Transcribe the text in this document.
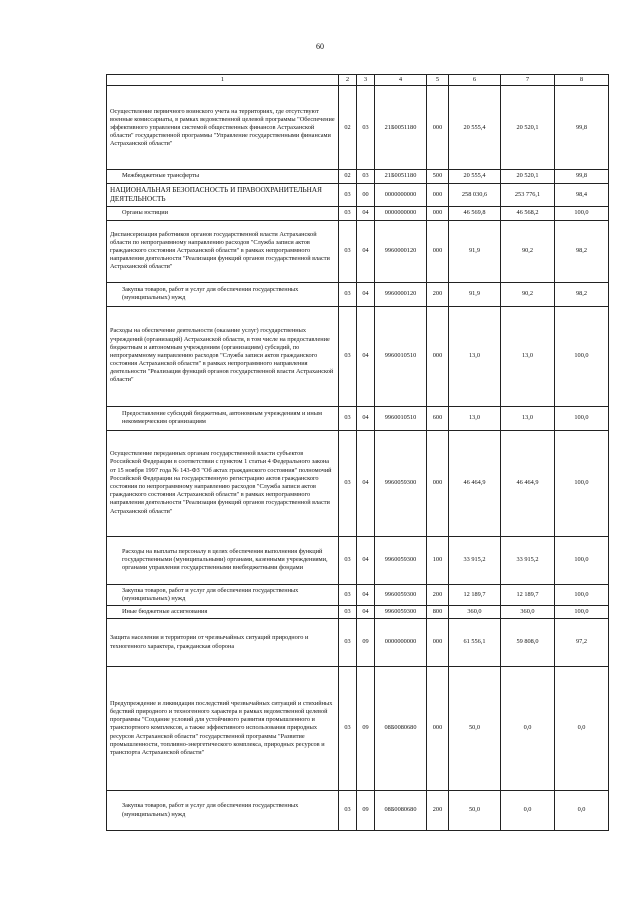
60
1	2	3	4	5	6	7	8

Осуществление первичного воинского учета на территориях, где отсутствуют военные комиссариаты, в рамках ведомственной целевой программы "Обеспечение эффективного управления системой общественных финансов Астраханской области" государственной программы "Управление государственными финансами Астраханской области"	02	03	21Б0051180	000	20 555,4	20 520,1	99,8

Межбюджетные трансферты	02	03	21Б0051180	500	20 555,4	20 520,1	99,8

НАЦИОНАЛЬНАЯ БЕЗОПАСНОСТЬ И ПРАВООХРАНИТЕЛЬНАЯ ДЕЯТЕЛЬНОСТЬ	03	00	0000000000	000	258 030,6	253 776,1	98,4

Органы юстиции	03	04	0000000000	000	46 569,8	46 568,2	100,0

Диспансеризация работников органов государственной власти Астраханской области по непрограммному направлению расходов "Служба записи актов гражданского состояния Астраханской области" в рамках непрограммного направления деятельности "Реализация функций органов государственной власти Астраханской области"	03	04	9960000120	000	91,9	90,2	98,2

Закупка товаров, работ и услуг для обеспечения государственных (муниципальных) нужд	03	04	9960000120	200	91,9	90,2	98,2

Расходы на обеспечение деятельности (оказание услуг) государственных учреждений (организаций) Астраханской области, в том числе на предоставление бюджетным и автономным учреждениям (организациям) субсидий, по непрограммному направлению расходов "Служба записи актов гражданского состояния Астраханской области" в рамках непрограммного направления деятельности "Реализация функций органов государственной власти Астраханской области"	03	04	9960010510	000	13,0	13,0	100,0

Предоставление субсидий бюджетным, автономным учреждениям и иным некоммерческим организациям	03	04	9960010510	600	13,0	13,0	100,0

Осуществление переданных органам государственной власти субъектов Российской Федерации в соответствии с пунктом 1 статьи 4 Федерального закона от 15 ноября 1997 года № 143-ФЗ "Об актах гражданского состояния" полномочий Российской Федерации на государственную регистрацию актов гражданского состояния по непрограммному направлению расходов "Служба записи актов гражданского состояния Астраханской области" в рамках непрограммного направления деятельности "Реализация функций органов государственной власти Астраханской области"	03	04	9960059300	000	46 464,9	46 464,9	100,0

Расходы на выплаты персоналу в целях обеспечения выполнения функций государственными (муниципальными) органами, казенными учреждениями, органами управления государственными внебюджетными фондами	03	04	9960059300	100	33 915,2	33 915,2	100,0

Закупка товаров, работ и услуг для обеспечения государственных (муниципальных) нужд	03	04	9960059300	200	12 189,7	12 189,7	100,0

Иные бюджетные ассигнования	03	04	9960059300	800	360,0	360,0	100,0

Защита населения и территории от чрезвычайных ситуаций природного и техногенного характера, гражданская оборона	03	09	0000000000	000	61 556,1	59 808,0	97,2

Предупреждение и ликвидация последствий чрезвычайных ситуаций и стихийных бедствий природного и техногенного характера в рамках ведомственной целевой программы "Создание условий для устойчивого развития промышленного и транспортного комплексов, а также эффективного использования природных ресурсов Астраханской области" государственной программы "Развитие промышленности, топливно-энергетического комплекса, природных ресурсов и транспорта Астраханской области"	03	09	08Б0080680	000	50,0	0,0	0,0

Закупка товаров, работ и услуг для обеспечения государственных (муниципальных) нужд	03	09	08Б0080680	200	50,0	0,0	0,0
